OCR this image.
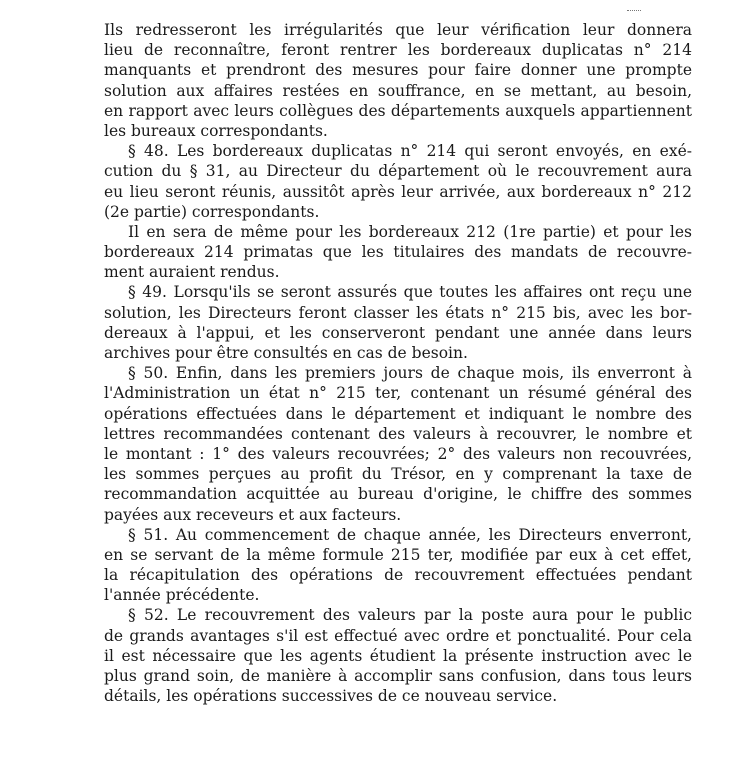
Ils redresseront les irrégularités que leur vérification leur donnera
lieu de reconnaître, feront rentrer les bordereaux duplicatas n° 214
manquants et prendront des mesures pour faire donner une prompte
solution aux affaires restées en souffrance, en se mettant, au besoin,
en rapport avec leurs collègues des départements auxquels appartiennent
les bureaux correspondants.
§ 48. Les bordereaux duplicatas n° 214 qui seront envoyés, en exé-
cution du § 31, au Directeur du département où le recouvrement aura
eu lieu seront réunis, aussitôt après leur arrivée, aux bordereaux n° 212
(2e partie) correspondants.
Il en sera de même pour les bordereaux 212 (1re partie) et pour les
bordereaux 214 primatas que les titulaires des mandats de recouvre-
ment auraient rendus.
§ 49. Lorsqu'ils se seront assurés que toutes les affaires ont reçu une
solution, les Directeurs feront classer les états n° 215 bis, avec les bor-
dereaux à l'appui, et les conserveront pendant une année dans leurs
archives pour être consultés en cas de besoin.
§ 50. Enfin, dans les premiers jours de chaque mois, ils enverront à
l'Administration un état n° 215 ter, contenant un résumé général des
opérations effectuées dans le département et indiquant le nombre des
lettres recommandées contenant des valeurs à recouvrer, le nombre et
le montant : 1° des valeurs recouvrées; 2° des valeurs non recouvrées,
les sommes perçues au profit du Trésor, en y comprenant la taxe de
recommandation acquittée au bureau d'origine, le chiffre des sommes
payées aux receveurs et aux facteurs.
§ 51. Au commencement de chaque année, les Directeurs enverront,
en se servant de la même formule 215 ter, modifiée par eux à cet effet,
la récapitulation des opérations de recouvrement effectuées pendant
l'année précédente.
§ 52. Le recouvrement des valeurs par la poste aura pour le public
de grands avantages s'il est effectué avec ordre et ponctualité. Pour cela
il est nécessaire que les agents étudient la présente instruction avec le
plus grand soin, de manière à accomplir sans confusion, dans tous leurs
détails, les opérations successives de ce nouveau service.
